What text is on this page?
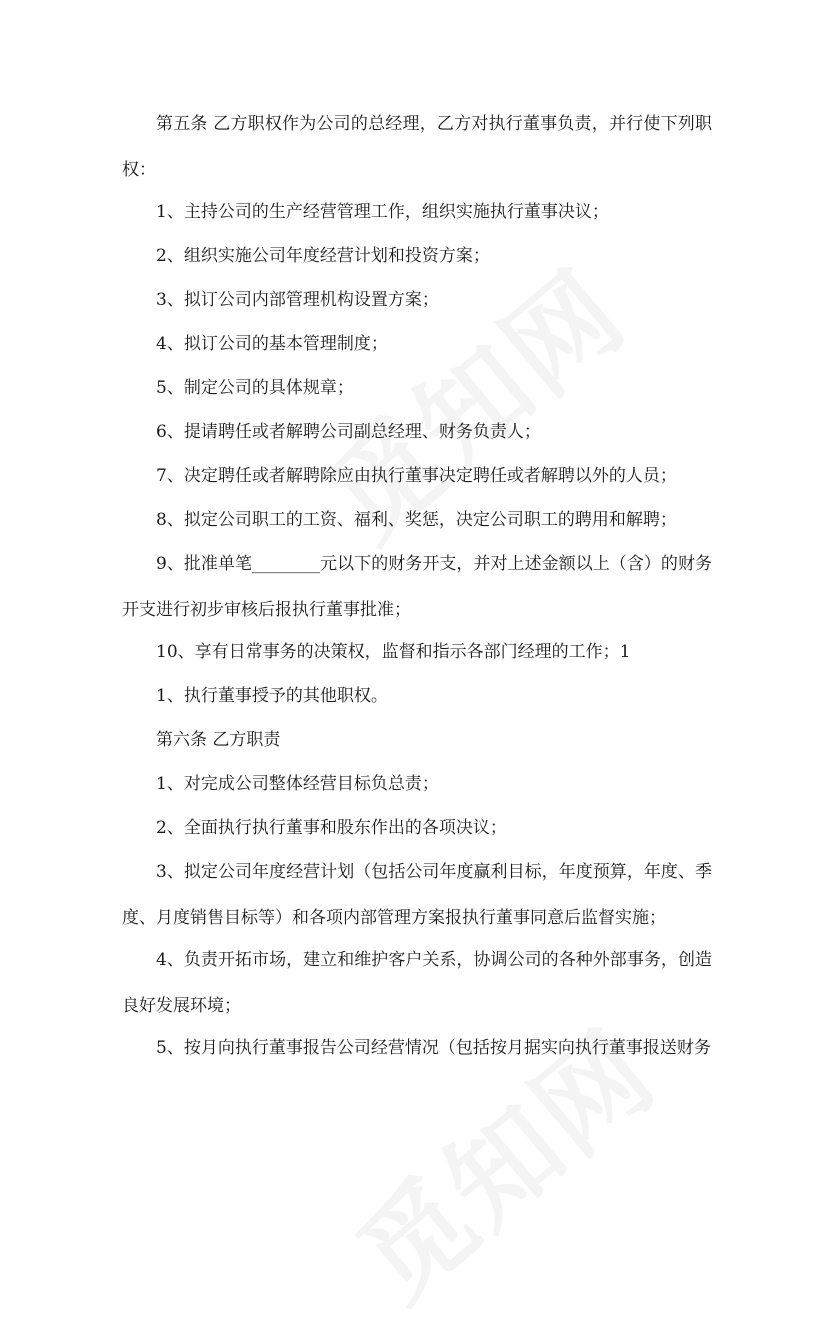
第五条 乙方职权作为公司的总经理，乙方对执行董事负责，并行使下列职权：

1、主持公司的生产经营管理工作，组织实施执行董事决议；

2、组织实施公司年度经营计划和投资方案；

3、拟订公司内部管理机构设置方案；

4、拟订公司的基本管理制度；

5、制定公司的具体规章；

6、提请聘任或者解聘公司副总经理、财务负责人；

7、决定聘任或者解聘除应由执行董事决定聘任或者解聘以外的人员；

8、拟定公司职工的工资、福利、奖惩，决定公司职工的聘用和解聘；

9、批准单笔________元以下的财务开支，并对上述金额以上（含）的财务开支进行初步审核后报执行董事批准；

10、享有日常事务的决策权，监督和指示各部门经理的工作；1

1、执行董事授予的其他职权。

第六条 乙方职责

1、对完成公司整体经营目标负总责；

2、全面执行执行董事和股东作出的各项决议；

3、拟定公司年度经营计划（包括公司年度赢利目标，年度预算，年度、季度、月度销售目标等）和各项内部管理方案报执行董事同意后监督实施；

4、负责开拓市场，建立和维护客户关系，协调公司的各种外部事务，创造良好发展环境；

5、按月向执行董事报告公司经营情况（包括按月据实向执行董事报送财务
